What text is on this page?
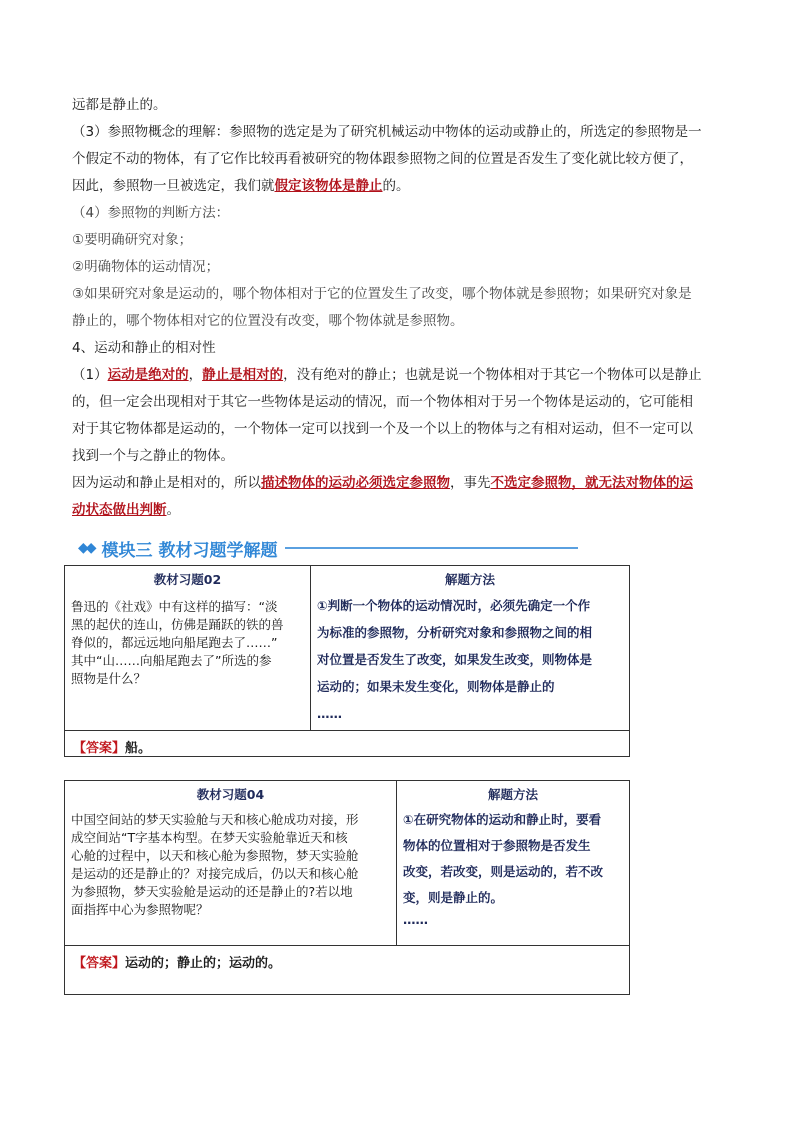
远都是静止的。

（3）参照物概念的理解：参照物的选定是为了研究机械运动中物体的运动或静止的，所选定的参照物是一
个假定不动的物体，有了它作比较再看被研究的物体跟参照物之间的位置是否发生了变化就比较方便了，
因此，参照物一旦被选定，我们就假定该物体是静止的。

（4）参照物的判断方法：
①要明确研究对象；
②明确物体的运动情况；
③如果研究对象是运动的，哪个物体相对于它的位置发生了改变，哪个物体就是参照物；如果研究对象是
静止的，哪个物体相对它的位置没有改变，哪个物体就是参照物。

4、运动和静止的相对性
（1）运动是绝对的，静止是相对的，没有绝对的静止；也就是说一个物体相对于其它一个物体可以是静止
的，但一定会出现相对于其它一些物体是运动的情况，而一个物体相对于另一个物体是运动的，它可能相
对于其它物体都是运动的，一个物体一定可以找到一个及一个以上的物体与之有相对运动，但不一定可以
找到一个与之静止的物体。
因为运动和静止是相对的，所以描述物体的运动必须选定参照物，事先不选定参照物，就无法对物体的运
动状态做出判断。

◆◆ 模块三 教材习题学解题
教材习题02
鲁迅的《社戏》中有这样的描写：“淡
黑的起伏的连山，仿佛是踊跃的铁的兽
脊似的，都远远地向船尾跑去了……”
其中“山……向船尾跑去了”所选的参
照物是什么？
解题方法
①判断一个物体的运动情况时，必须先确定一个作
为标准的参照物，分析研究对象和参照物之间的相
对位置是否发生了改变，如果发生改变，则物体是
运动的；如果未发生变化，则物体是静止的
……
【答案】船。
教材习题04
中国空间站的梦天实验舱与天和核心舱成功对接，形
成空间站“T字基本构型。在梦天实验舱靠近天和核
心舱的过程中，以天和核心舱为参照物，梦天实验舱
是运动的还是静止的？对接完成后，仍以天和核心舱
为参照物，梦天实验舱是运动的还是静止的?若以地
面指挥中心为参照物呢？
解题方法
①在研究物体的运动和静止时，要看
物体的位置相对于参照物是否发生
改变，若改变，则是运动的，若不改
变，则是静止的。
……
【答案】运动的；静止的；运动的。
